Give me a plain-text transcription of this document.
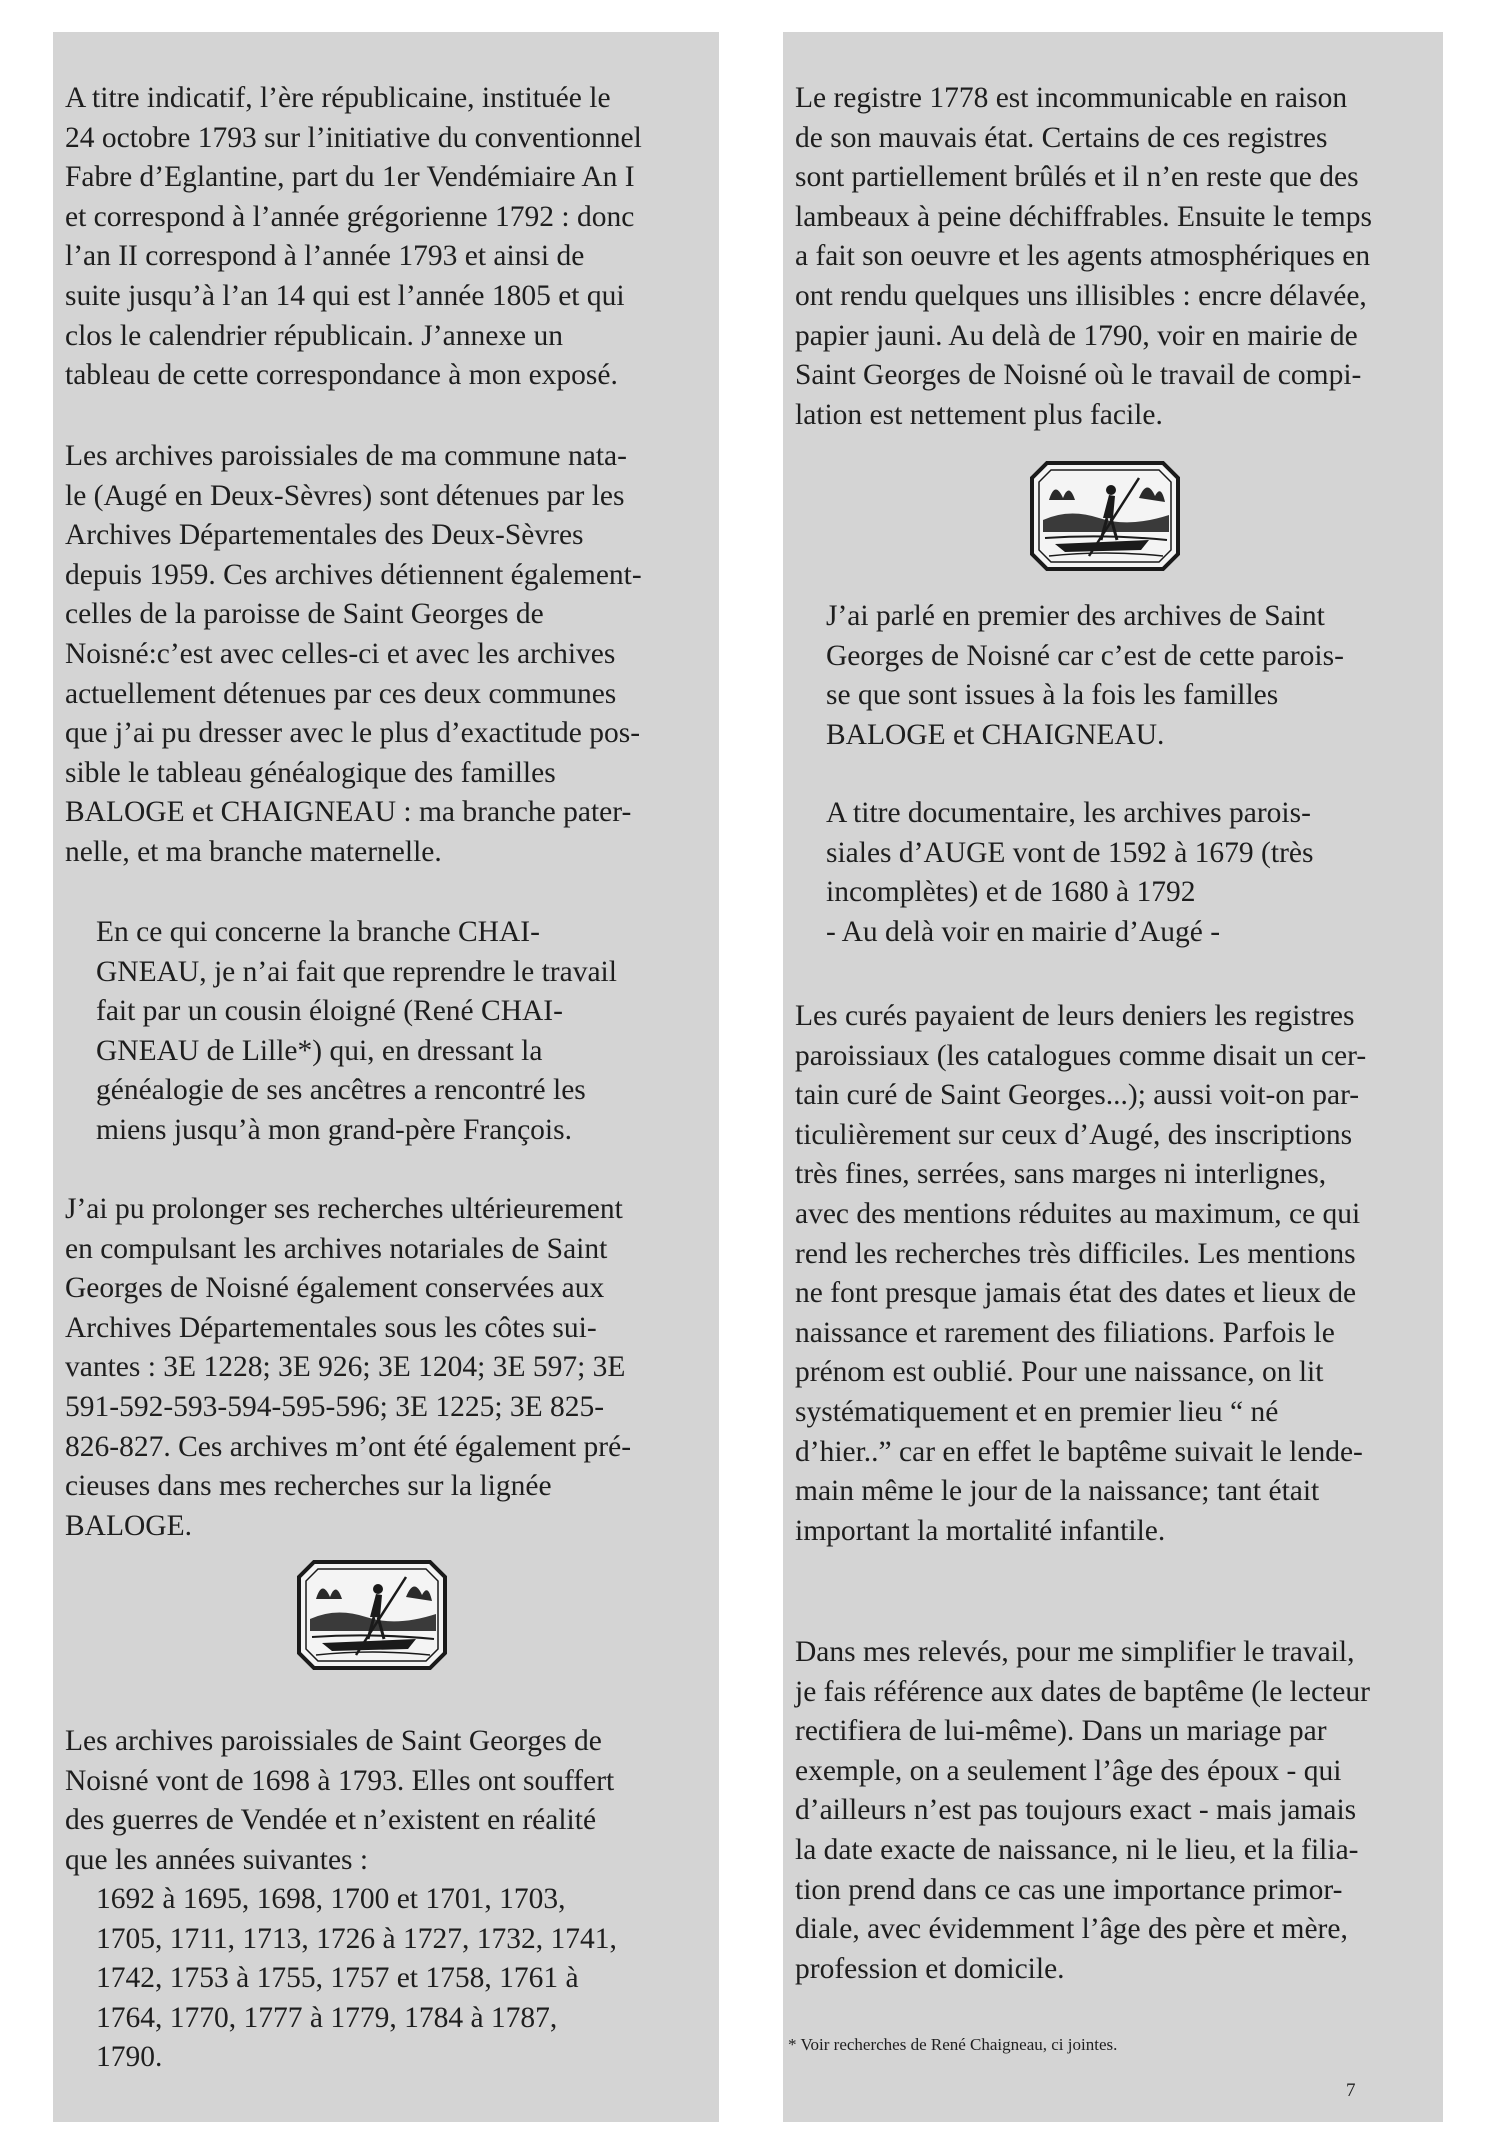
A titre indicatif, l’ère républicaine, instituée le
24 octobre 1793 sur l’initiative du conventionnel
Fabre d’Eglantine, part du 1er Vendémiaire An I
et correspond à l’année grégorienne 1792 : donc
l’an II correspond à l’année 1793 et ainsi de
suite jusqu’à l’an 14 qui est l’année 1805 et qui
clos le calendrier républicain. J’annexe un
tableau de cette correspondance à mon exposé.

Les archives paroissiales de ma commune nata-
le (Augé en Deux-Sèvres) sont détenues par les
Archives Départementales des Deux-Sèvres
depuis 1959. Ces archives détiennent également-
celles de la paroisse de Saint Georges de
Noisné:c’est avec celles-ci et avec les archives
actuellement détenues par ces deux communes
que j’ai pu dresser avec le plus d’exactitude pos-
sible le tableau généalogique des familles
BALOGE et CHAIGNEAU : ma branche pater-
nelle, et ma branche maternelle.

En ce qui concerne la branche CHAI-
GNEAU, je n’ai fait que reprendre le travail
fait par un cousin éloigné (René CHAI-
GNEAU de Lille*) qui, en dressant la
généalogie de ses ancêtres a rencontré les
miens jusqu’à mon grand-père François.

J’ai pu prolonger ses recherches ultérieurement
en compulsant les archives notariales de Saint
Georges de Noisné également conservées aux
Archives Départementales sous les côtes sui-
vantes : 3E 1228; 3E 926; 3E 1204; 3E 597; 3E
591-592-593-594-595-596; 3E 1225; 3E 825-
826-827. Ces archives m’ont été également pré-
cieuses dans mes recherches sur la lignée
BALOGE.

Les archives paroissiales de Saint Georges de
Noisné vont de 1698 à 1793. Elles ont souffert
des guerres de Vendée et n’existent en réalité
que les années suivantes :

1692 à 1695, 1698, 1700 et 1701, 1703,
1705, 1711, 1713, 1726 à 1727, 1732, 1741,
1742, 1753 à 1755, 1757 et 1758, 1761 à
1764, 1770, 1777 à 1779, 1784 à 1787,
1790.

Le registre 1778 est incommunicable en raison
de son mauvais état. Certains de ces registres
sont partiellement brûlés et il n’en reste que des
lambeaux à peine déchiffrables. Ensuite le temps
a fait son oeuvre et les agents atmosphériques en
ont rendu quelques uns illisibles : encre délavée,
papier jauni. Au delà de 1790, voir en mairie de
Saint Georges de Noisné où le travail de compi-
lation est nettement plus facile.

J’ai parlé en premier des archives de Saint
Georges de Noisné car c’est de cette parois-
se que sont issues à la fois les familles
BALOGE et CHAIGNEAU.

A titre documentaire, les archives parois-
siales d’AUGE vont de 1592 à 1679 (très
incomplètes) et de 1680 à 1792
- Au delà voir en mairie d’Augé -

Les curés payaient de leurs deniers les registres
paroissiaux (les catalogues comme disait un cer-
tain curé de Saint Georges...); aussi voit-on par-
ticulièrement sur ceux d’Augé, des inscriptions
très fines, serrées, sans marges ni interlignes,
avec des mentions réduites au maximum, ce qui
rend les recherches très difficiles. Les mentions
ne font presque jamais état des dates et lieux de
naissance et rarement des filiations. Parfois le
prénom est oublié. Pour une naissance, on lit
systématiquement et en premier lieu “ né
d’hier..” car en effet le baptême suivait le lende-
main même le jour de la naissance; tant était
important la mortalité infantile.

Dans mes relevés, pour me simplifier le travail,
je fais référence aux dates de baptême (le lecteur
rectifiera de lui-même). Dans un mariage par
exemple, on a seulement l’âge des époux - qui
d’ailleurs n’est pas toujours exact - mais jamais
la date exacte de naissance, ni le lieu, et la filia-
tion prend dans ce cas une importance primor-
diale, avec évidemment l’âge des père et mère,
profession et domicile.

* Voir recherches de René Chaigneau, ci jointes.

7
